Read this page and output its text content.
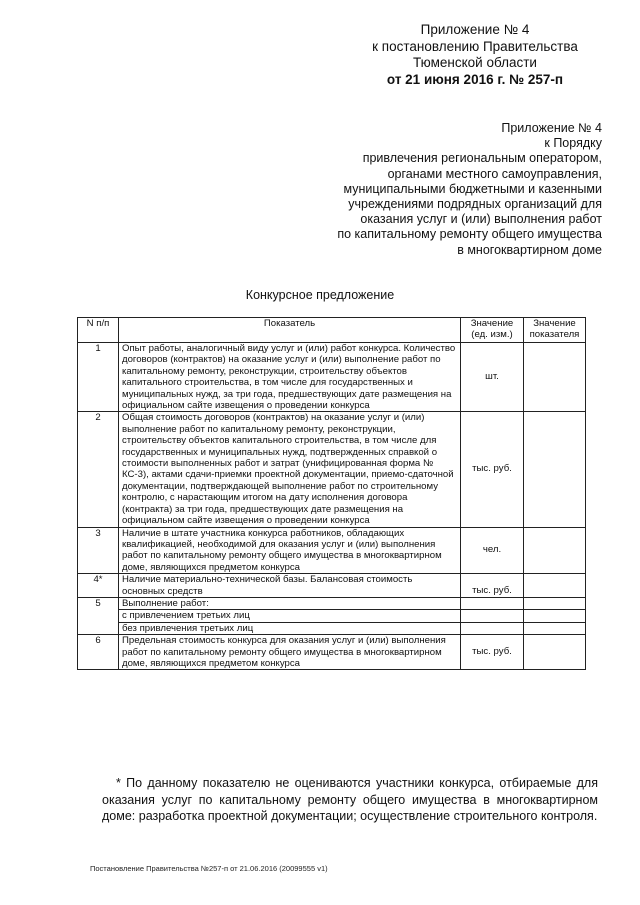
Приложение № 4
к постановлению Правительства
Тюменской области
от 21 июня 2016 г. № 257-п
Приложение № 4
к Порядку
привлечения региональным оператором,
органами местного самоуправления,
муниципальными бюджетными и казенными
учреждениями подрядных организаций для
оказания услуг и (или) выполнения работ
по капитальному ремонту общего имущества
в многоквартирном доме
Конкурсное предложение
N п/п	Показатель	Значение (ед. изм.)	Значение показателя
1	Опыт работы, аналогичный виду услуг и (или) работ конкурса. Количество договоров (контрактов) на оказание услуг и (или) выполнение работ по капитальному ремонту, реконструкции, строительству объектов капитального строительства, в том числе для государственных и муниципальных нужд, за три года, предшествующих дате размещения на официальном сайте извещения о проведении конкурса	шт.	
2	Общая стоимость договоров (контрактов) на оказание услуг и (или) выполнение работ по капитальному ремонту, реконструкции, строительству объектов капитального строительства, в том числе для государственных и муниципальных нужд, подтвержденных справкой о стоимости выполненных работ и затрат (унифицированная форма № КС-3), актами сдачи-приемки проектной документации, приемо-сдаточной документации, подтверждающей выполнение работ по строительному контролю, с нарастающим итогом на дату исполнения договора (контракта) за три года, предшествующих дате размещения на официальном сайте извещения о проведении конкурса	тыс. руб.	
3	Наличие в штате участника конкурса работников, обладающих квалификацией, необходимой для оказания услуг и (или) выполнения работ по капитальному ремонту общего имущества в многоквартирном доме, являющихся предметом конкурса	чел.	
4*	Наличие материально-технической базы. Балансовая стоимость основных средств	тыс. руб.	
5	Выполнение работ:		
	с привлечением третьих лиц		
	без привлечения третьих лиц		
6	Предельная стоимость конкурса для оказания услуг и (или) выполнения работ по капитальному ремонту общего имущества в многоквартирном доме, являющихся предметом конкурса	тыс. руб.	
* По данному показателю не оцениваются участники конкурса, отбираемые для оказания услуг по капитальному ремонту общего имущества в многоквартирном доме: разработка проектной документации; осуществление строительного контроля.
Постановление Правительства №257-п от 21.06.2016 (20099555 v1)
